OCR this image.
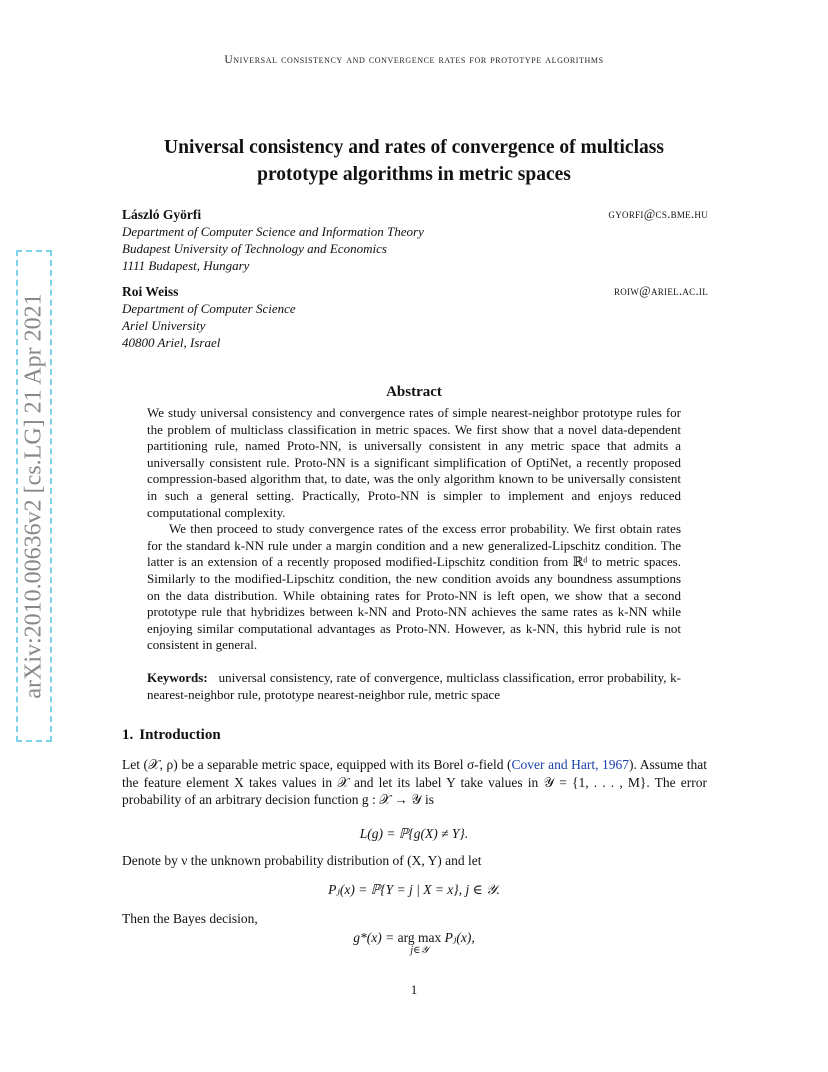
Universal consistency and convergence rates for prototype algorithms
Universal consistency and rates of convergence of multiclass
prototype algorithms in metric spaces
László Györfi	gyorfi@cs.bme.hu
Department of Computer Science and Information Theory
Budapest University of Technology and Economics
1111 Budapest, Hungary
Roi Weiss	roiw@ariel.ac.il
Department of Computer Science
Ariel University
40800 Ariel, Israel
Abstract

We study universal consistency and convergence rates of simple nearest-neighbor prototype rules for the problem of multiclass classification in metric spaces. We first show that a novel data-dependent partitioning rule, named Proto-NN, is universally consistent in any metric space that admits a universally consistent rule. Proto-NN is a significant simplification of OptiNet, a recently proposed compression-based algorithm that, to date, was the only algorithm known to be universally consistent in such a general setting. Practically, Proto-NN is simpler to implement and enjoys reduced computational complexity.

We then proceed to study convergence rates of the excess error probability. We first obtain rates for the standard k-NN rule under a margin condition and a new generalized-Lipschitz condition. The latter is an extension of a recently proposed modified-Lipschitz condition from ℝᵈ to metric spaces. Similarly to the modified-Lipschitz condition, the new condition avoids any boundness assumptions on the data distribution. While obtaining rates for Proto-NN is left open, we show that a second prototype rule that hybridizes between k-NN and Proto-NN achieves the same rates as k-NN while enjoying similar computational advantages as Proto-NN. However, as k-NN, this hybrid rule is not consistent in general.

Keywords: universal consistency, rate of convergence, multiclass classification, error probability, k-nearest-neighbor rule, prototype nearest-neighbor rule, metric space
1. Introduction
Let (𝒳, ρ) be a separable metric space, equipped with its Borel σ-field (Cover and Hart, 1967). Assume that the feature element X takes values in 𝒳 and let its label Y take values in 𝒴 = {1, . . . , M}. The error probability of an arbitrary decision function g : 𝒳 → 𝒴 is
L(g) = ℙ{g(X) ≠ Y}.
Denote by ν the unknown probability distribution of (X, Y) and let
Pⱼ(x) = ℙ{Y = j | X = x}, j ∈ 𝒴.
Then the Bayes decision,
g*(x) = arg max
j∈𝒴
Pⱼ(x),
1
arXiv:2010.00636v2 [cs.LG] 21 Apr 2021
